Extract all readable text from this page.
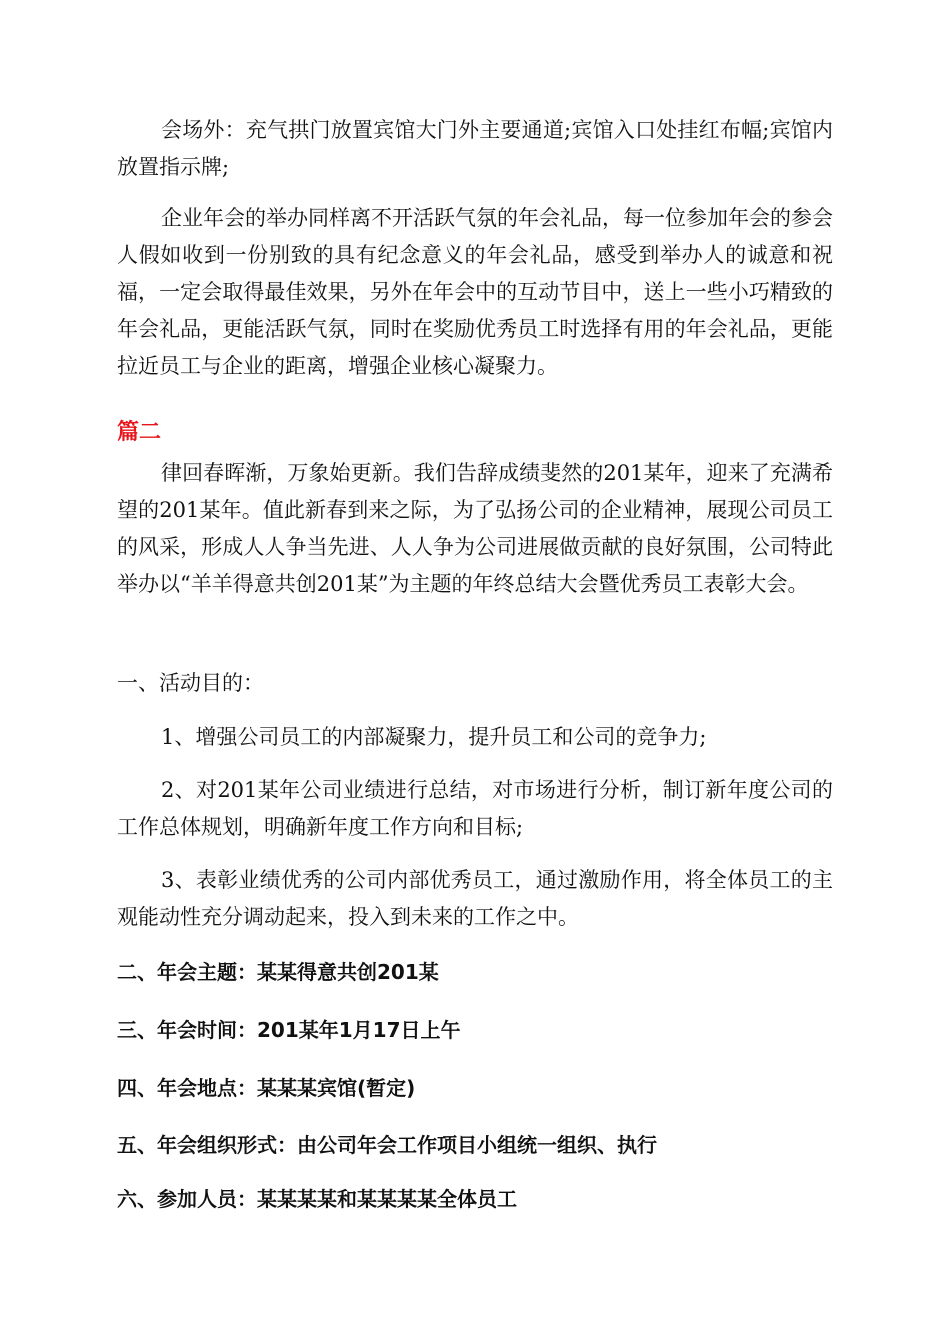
会场外：充气拱门放置宾馆大门外主要通道;宾馆入口处挂红布幅;宾馆内放置指示牌;

企业年会的举办同样离不开活跃气氛的年会礼品，每一位参加年会的参会人假如收到一份别致的具有纪念意义的年会礼品，感受到举办人的诚意和祝福，一定会取得最佳效果，另外在年会中的互动节目中，送上一些小巧精致的年会礼品，更能活跃气氛，同时在奖励优秀员工时选择有用的年会礼品，更能拉近员工与企业的距离，增强企业核心凝聚力。

篇二

律回春晖渐，万象始更新。我们告辞成绩斐然的201某年，迎来了充满希望的201某年。值此新春到来之际，为了弘扬公司的企业精神，展现公司员工的风采，形成人人争当先进、人人争为公司进展做贡献的良好氛围，公司特此举办以“羊羊得意共创201某”为主题的年终总结大会暨优秀员工表彰大会。

一、活动目的：

1、增强公司员工的内部凝聚力，提升员工和公司的竞争力;

2、对201某年公司业绩进行总结，对市场进行分析，制订新年度公司的工作总体规划，明确新年度工作方向和目标;

3、表彰业绩优秀的公司内部优秀员工，通过激励作用，将全体员工的主观能动性充分调动起来，投入到未来的工作之中。

二、年会主题：某某得意共创201某

三、年会时间：201某年1月17日上午

四、年会地点：某某某宾馆(暂定)

五、年会组织形式：由公司年会工作项目小组统一组织、执行

六、参加人员：某某某某和某某某某全体员工
